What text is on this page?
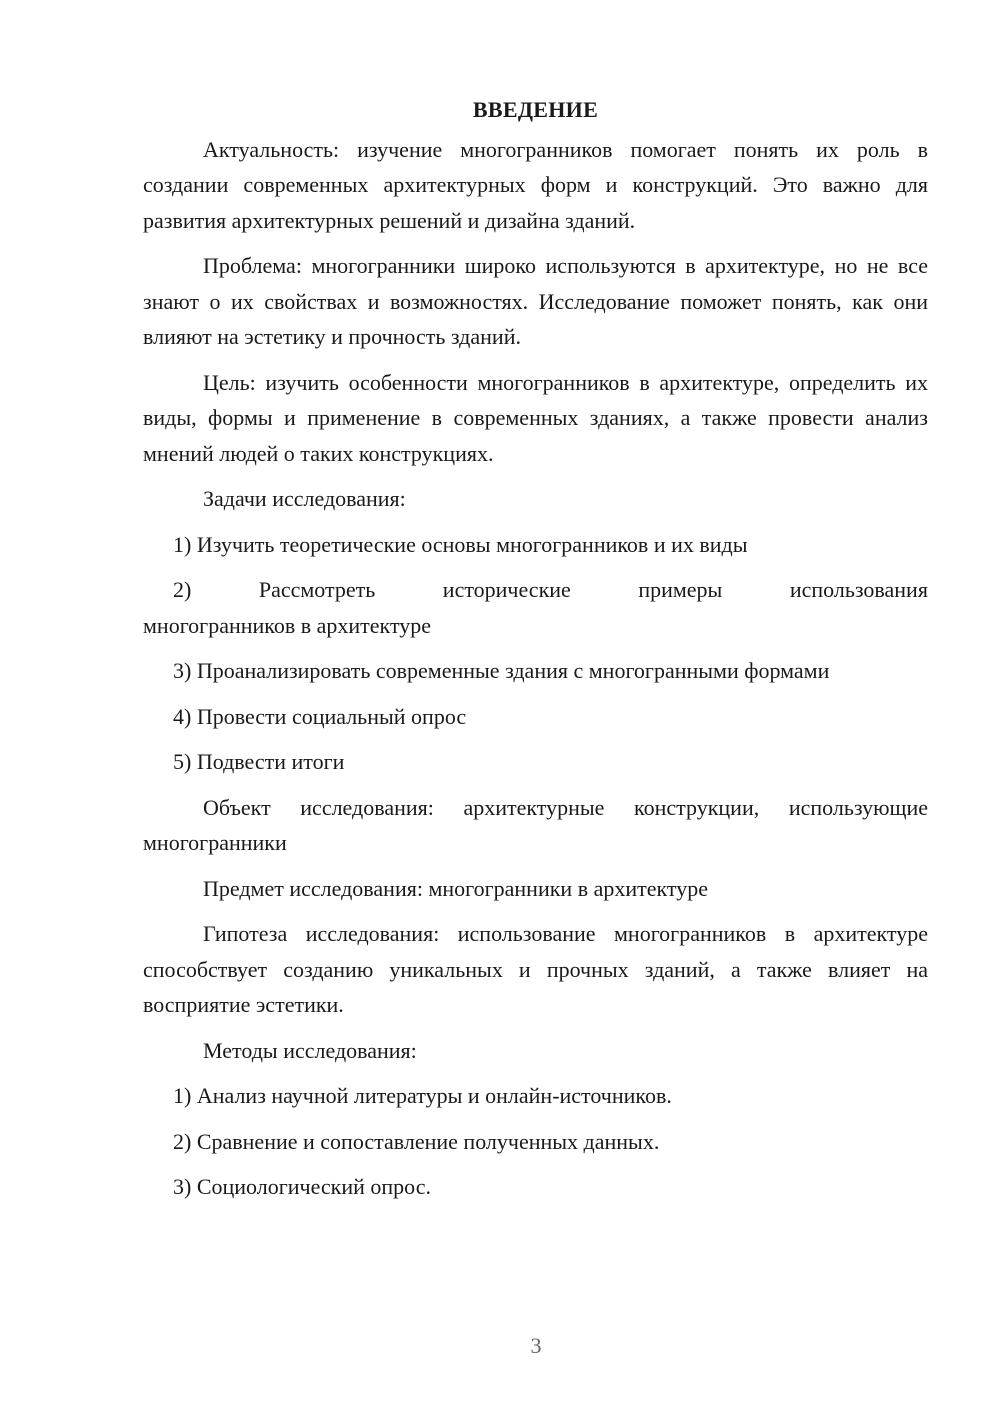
ВВЕДЕНИЕ

Актуальность: изучение многогранников помогает понять их роль в создании современных архитектурных форм и конструкций. Это важно для развития архитектурных решений и дизайна зданий.

Проблема: многогранники широко используются в архитектуре, но не все знают о их свойствах и возможностях. Исследование поможет понять, как они влияют на эстетику и прочность зданий.

Цель: изучить особенности многогранников в архитектуре, определить их виды, формы и применение в современных зданиях, а также провести анализ мнений людей о таких конструкциях.

Задачи исследования:

1) Изучить теоретические основы многогранников и их виды

2)	Рассмотреть	исторические	примеры	использования

многогранников в архитектуре

3) Проанализировать современные здания с многогранными формами

4) Провести социальный опрос

5) Подвести итоги

Объект исследования: архитектурные конструкции, использующие многогранники

Предмет исследования: многогранники в архитектуре

Гипотеза исследования: использование многогранников в архитектуре способствует созданию уникальных и прочных зданий, а также влияет на восприятие эстетики.

Методы исследования:

1) Анализ научной литературы и онлайн-источников.

2) Сравнение и сопоставление полученных данных.

3) Социологический опрос.

3
